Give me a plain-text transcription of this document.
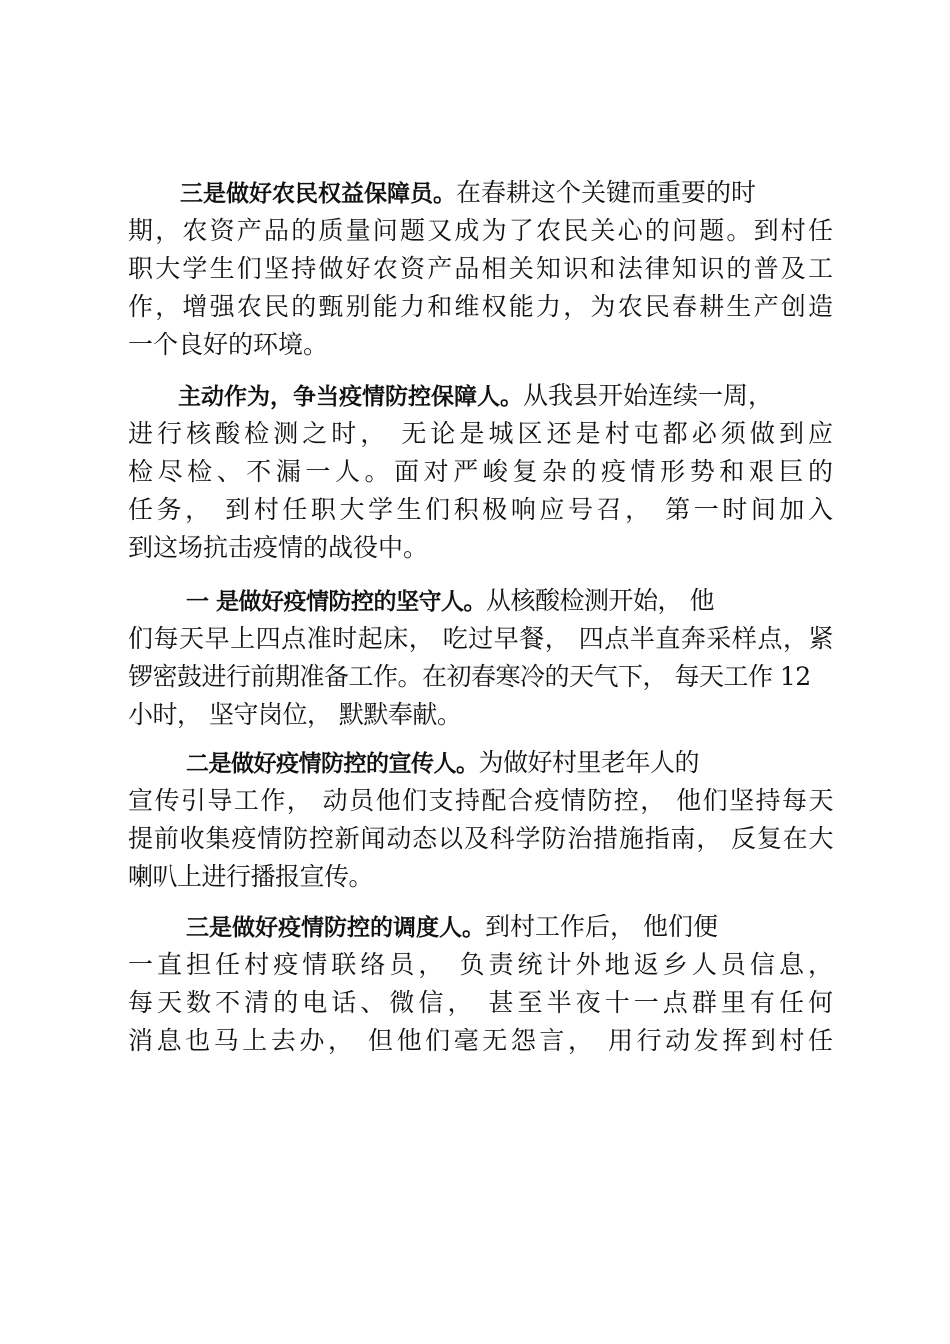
三是做好农民权益保障员。在春耕这个关键而重要的时
期，农资产品的质量问题又成为了农民关心的问题。到村任
职大学生们坚持做好农资产品相关知识和法律知识的普及工
作，增强农民的甄别能力和维权能力，为农民春耕生产创造
一个良好的环境。
主动作为，争当疫情防控保障人。从我县开始连续一周，
进行核酸检测之时， 无论是城区还是村屯都必须做到应
检尽检、不漏一人。面对严峻复杂的疫情形势和艰巨的
任务， 到村任职大学生们积极响应号召， 第一时间加入
到这场抗击疫情的战役中。
一 是做好疫情防控的坚守人。从核酸检测开始， 他
们每天早上四点准时起床， 吃过早餐， 四点半直奔采样点，紧
锣密鼓进行前期准备工作。在初春寒冷的天气下， 每天工作 12
小时， 坚守岗位， 默默奉献。
二是做好疫情防控的宣传人。为做好村里老年人的
宣传引导工作， 动员他们支持配合疫情防控， 他们坚持每天
提前收集疫情防控新闻动态以及科学防治措施指南， 反复在大
喇叭上进行播报宣传。
三是做好疫情防控的调度人。到村工作后， 他们便
一直担任村疫情联络员， 负责统计外地返乡人员信息，
每天数不清的电话、微信， 甚至半夜十一点群里有任何
消息也马上去办， 但他们毫无怨言， 用行动发挥到村任
